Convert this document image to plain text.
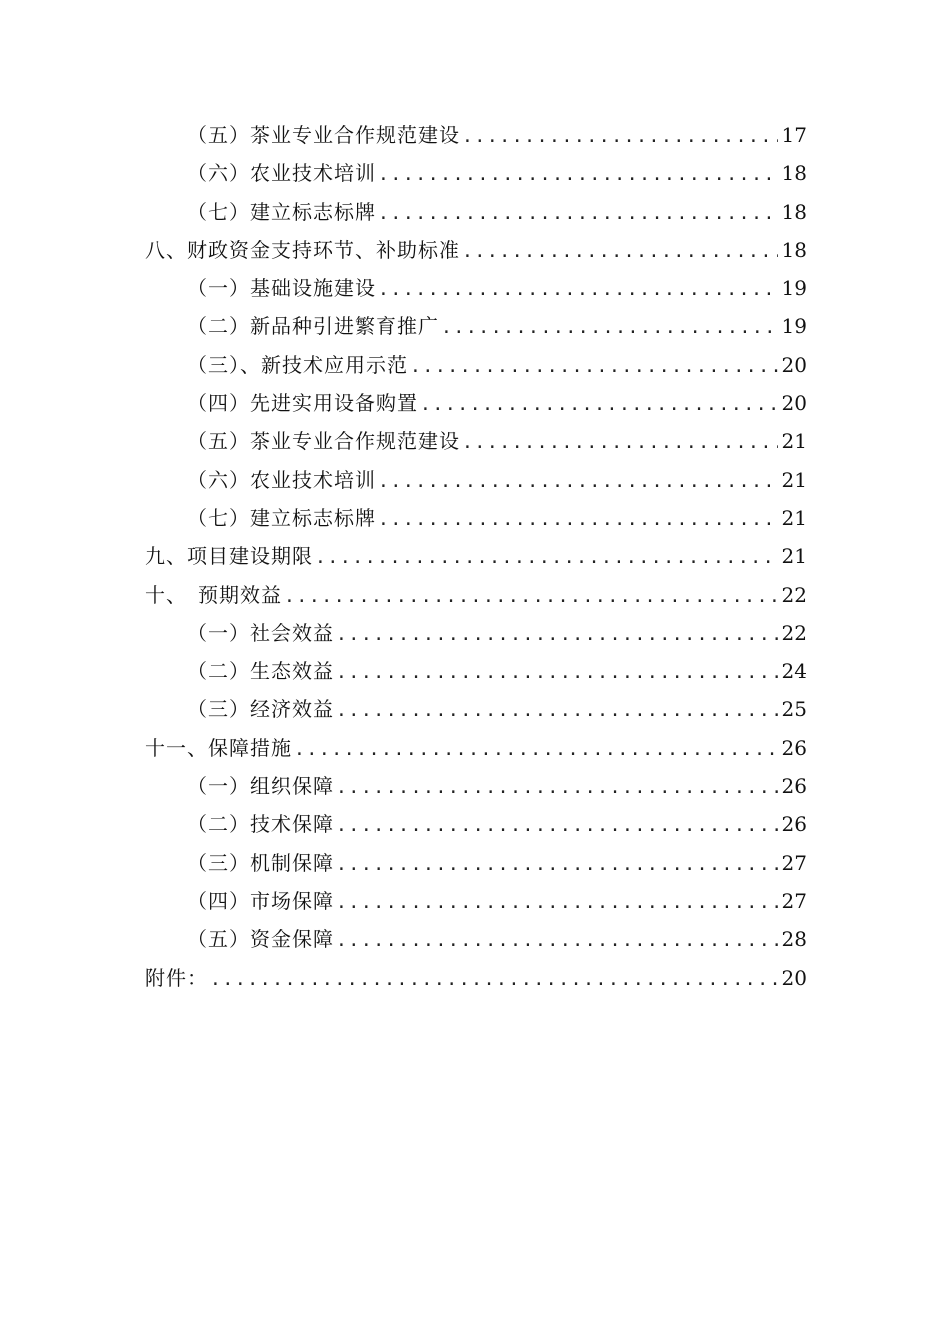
（五）茶业专业合作规范建设 .....	17
（六）农业技术培训 .....	18
（七）建立标志标牌 .....	18
八、财政资金支持环节、补助标准 .....	18
（一）基础设施建设 .....	19
（二）新品种引进繁育推广 .....	19
（三）、新技术应用示范 .....	20
（四）先进实用设备购置 .....	20
（五）茶业专业合作规范建设 .....	21
（六）农业技术培训 .....	21
（七）建立标志标牌 .....	21
九、项目建设期限 .....	21
十、　预期效益 .....	22
（一）社会效益 .....	22
（二）生态效益 .....	24
（三）经济效益 .....	25
十一、保障措施 .....	26
（一）组织保障 .....	26
（二）技术保障 .....	26
（三）机制保障 .....	27
（四）市场保障 .....	27
（五）资金保障 .....	28
附件： .....	20
